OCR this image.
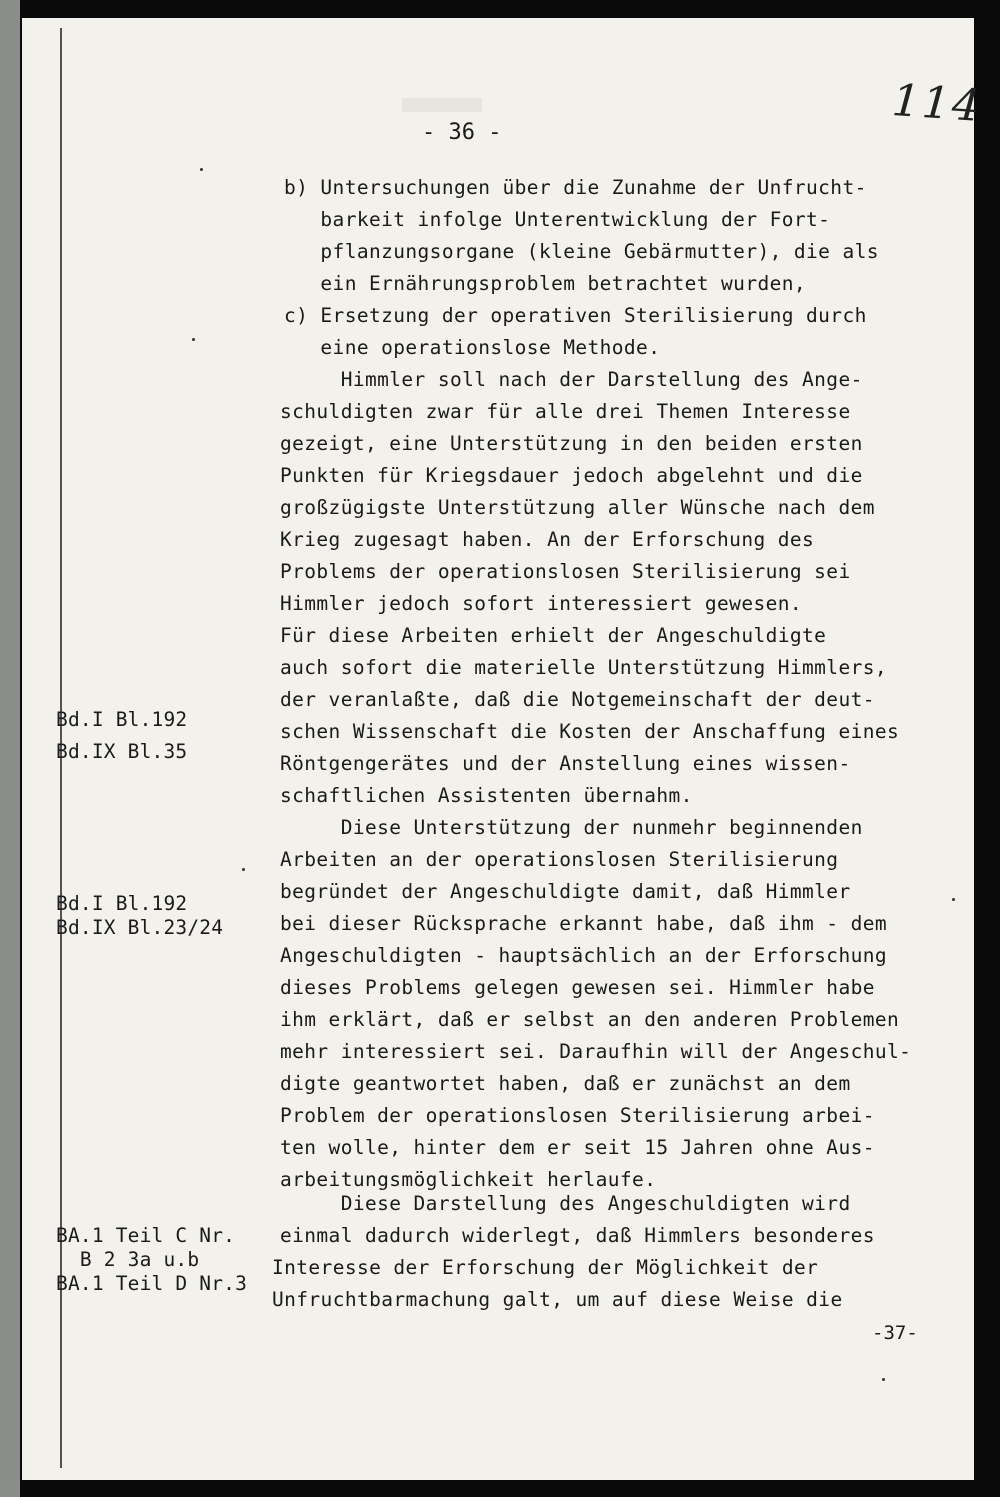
114
- 36 -
b) Untersuchungen über die Zunahme der Unfrucht-
barkeit infolge Unterentwicklung der Fort-
pflanzungsorgane (kleine Gebärmutter), die als
ein Ernährungsproblem betrachtet wurden,
c) Ersetzung der operativen Sterilisierung durch
eine operationslose Methode.
Himmler soll nach der Darstellung des Ange-
schuldigten zwar für alle drei Themen Interesse
gezeigt, eine Unterstützung in den beiden ersten
Punkten für Kriegsdauer jedoch abgelehnt und die
großzügigste Unterstützung aller Wünsche nach dem
Krieg zugesagt haben. An der Erforschung des
Problems der operationslosen Sterilisierung sei
Himmler jedoch sofort interessiert gewesen.
Für diese Arbeiten erhielt der Angeschuldigte
auch sofort die materielle Unterstützung Himmlers,
der veranlaßte, daß die Notgemeinschaft der deut-
schen Wissenschaft die Kosten der Anschaffung eines
Röntgengerätes und der Anstellung eines wissen-
schaftlichen Assistenten übernahm.
Diese Unterstützung der nunmehr beginnenden
Arbeiten an der operationslosen Sterilisierung
begründet der Angeschuldigte damit, daß Himmler
bei dieser Rücksprache erkannt habe, daß ihm - dem
Angeschuldigten - hauptsächlich an der Erforschung
dieses Problems gelegen gewesen sei. Himmler habe
ihm erklärt, daß er selbst an den anderen Problemen
mehr interessiert sei. Daraufhin will der Angeschul-
digte geantwortet haben, daß er zunächst an dem
Problem der operationslosen Sterilisierung arbei-
ten wolle, hinter dem er seit 15 Jahren ohne Aus-
arbeitungsmöglichkeit herlaufe.
Diese Darstellung des Angeschuldigten wird
einmal dadurch widerlegt, daß Himmlers besonderes
Interesse der Erforschung der Möglichkeit der
Unfruchtbarmachung galt, um auf diese Weise die
Bd.I Bl.192
Bd.IX Bl.35
Bd.I Bl.192
Bd.IX Bl.23/24
BA.1 Teil C Nr.
B 2 3a u.b
BA.1 Teil D Nr.3
-37-
